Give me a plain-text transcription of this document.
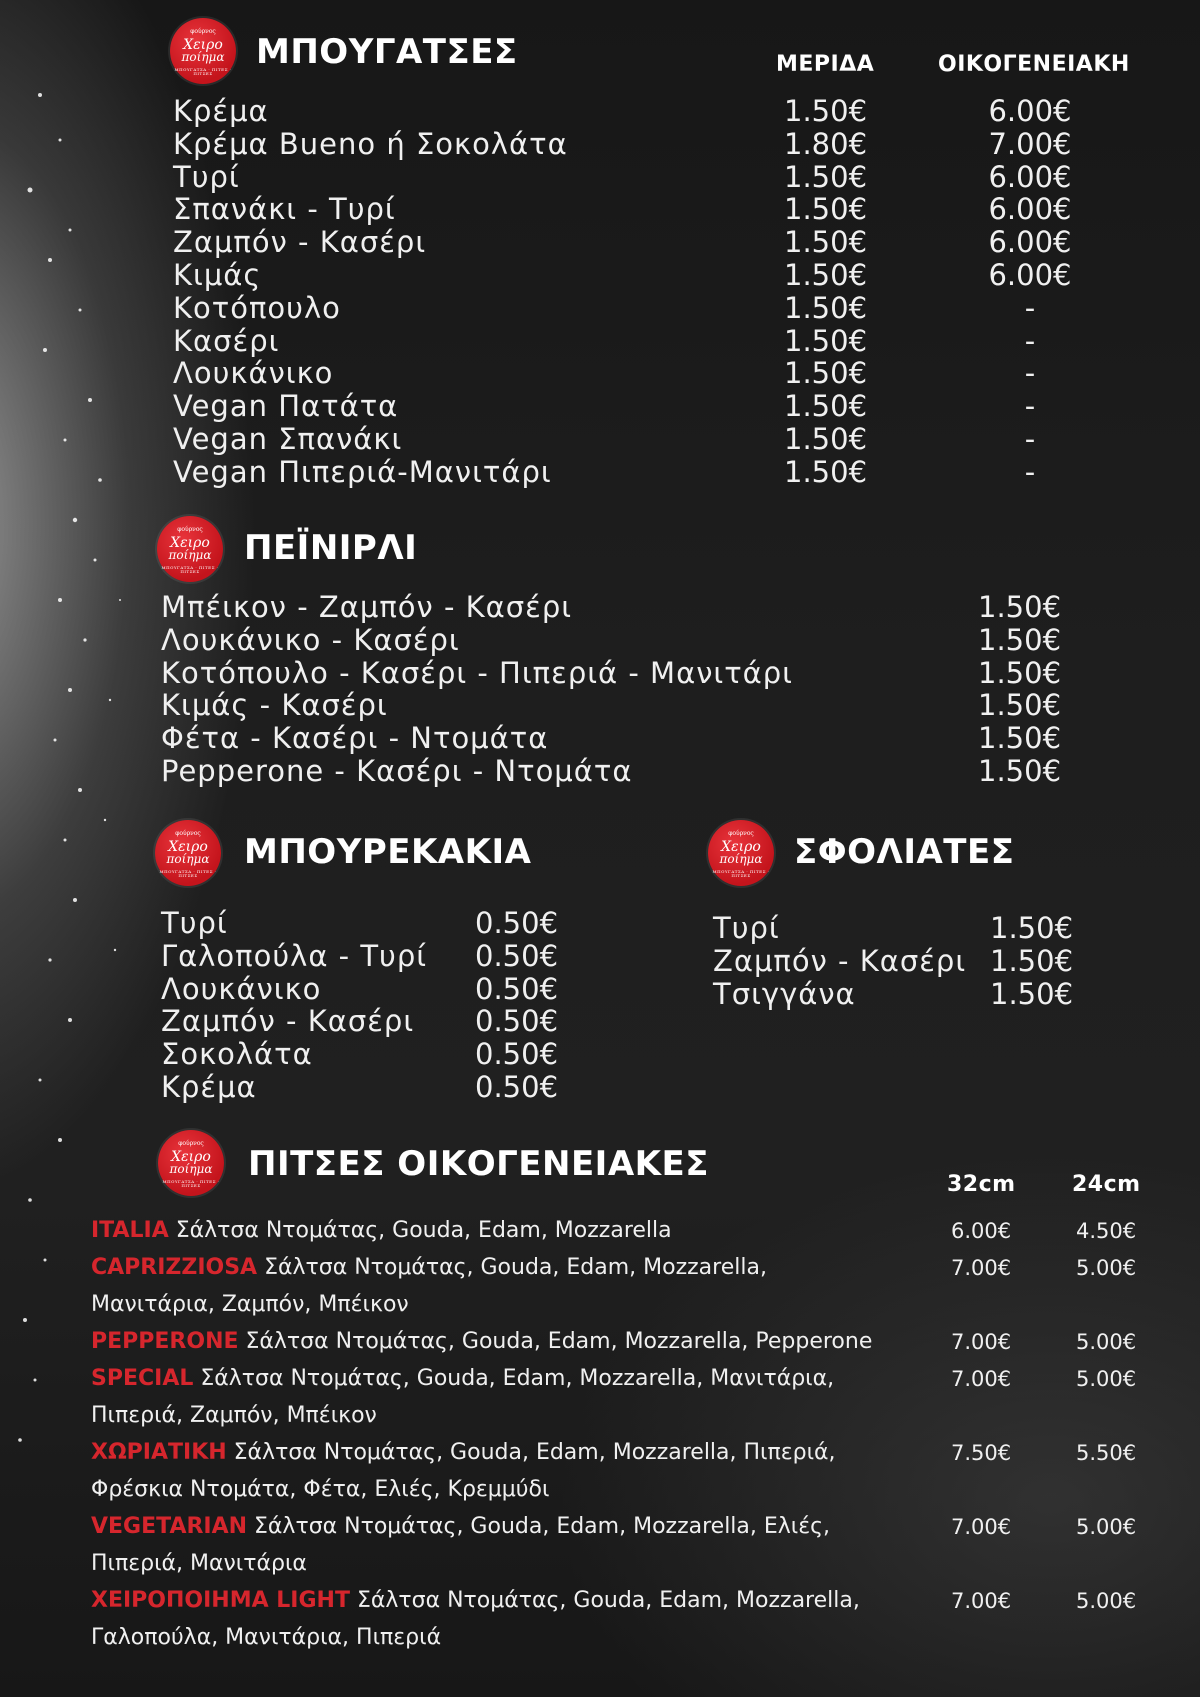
φούρνος
Χειρο
ποίημα
ΜΠΟΥΓΑΤΣΑ · ΠΙΤΕΣ · ΠΙΤΣΕΣ
ΜΠΟΥΓΑΤΣΕΣ	ΜΕΡΙΔΑ	ΟΙΚΟΓΕΝΕΙΑΚΗ
Κρέμα	1.50€	6.00€
Κρέμα Bueno ή Σοκολάτα	1.80€	7.00€
Τυρί	1.50€	6.00€
Σπανάκι - Τυρί	1.50€	6.00€
Ζαμπόν - Κασέρι	1.50€	6.00€
Κιμάς	1.50€	6.00€
Κοτόπουλο	1.50€	-
Κασέρι	1.50€	-
Λουκάνικο	1.50€	-
Vegan Πατάτα	1.50€	-
Vegan Σπανάκι	1.50€	-
Vegan Πιπεριά-Μανιτάρι	1.50€	-
φούρνος
Χειρο
ποίημα
ΜΠΟΥΓΑΤΣΑ · ΠΙΤΕΣ · ΠΙΤΣΕΣ
ΠΕΪΝΙΡΛΙ
Μπέικον - Ζαμπόν - Κασέρι	1.50€
Λουκάνικο - Κασέρι	1.50€
Κοτόπουλο - Κασέρι - Πιπεριά - Μανιτάρι	1.50€
Κιμάς - Κασέρι	1.50€
Φέτα - Κασέρι - Ντομάτα	1.50€
Pepperone - Κασέρι - Ντομάτα	1.50€
φούρνος
Χειρο
ποίημα
ΜΠΟΥΓΑΤΣΑ · ΠΙΤΕΣ · ΠΙΤΣΕΣ
ΜΠΟΥΡΕΚΑΚΙΑ
Τυρί	0.50€
Γαλοπούλα - Τυρί 0.50€
Λουκάνικο	0.50€
Ζαμπόν - Κασέρι 0.50€
Σοκολάτα	0.50€
Κρέμα	0.50€
φούρνος
Χειρο
ποίημα
ΜΠΟΥΓΑΤΣΑ · ΠΙΤΕΣ · ΠΙΤΣΕΣ
ΣΦΟΛΙΑΤΕΣ
Τυρί	1.50€
Ζαμπόν - Κασέρι 1.50€
Τσιγγάνα	1.50€
φούρνος
Χειρο
ποίημα
ΜΠΟΥΓΑΤΣΑ · ΠΙΤΕΣ · ΠΙΤΣΕΣ
ΠΙΤΣΕΣ ΟΙΚΟΓΕΝΕΙΑΚΕΣ
32cm	24cm
ITALIA Σάλτσα Ντομάτας, Gouda, Edam, Mozzarella	6.00€	4.50€
CAPRIZZIOSA Σάλτσα Ντομάτας, Gouda, Edam, Mozzarella,
Μανιτάρια, Ζαμπόν, Μπέικον
7.00€	5.00€
PEPPERONE Σάλτσα Ντομάτας, Gouda, Edam, Mozzarella, Pepperone	7.00€	5.00€
SPECIAL Σάλτσα Ντομάτας, Gouda, Edam, Mozzarella, Μανιτάρια,
Πιπεριά, Ζαμπόν, Μπέικον
7.00€	5.00€
ΧΩΡΙΑΤΙΚΗ Σάλτσα Ντομάτας, Gouda, Edam, Mozzarella, Πιπεριά,
Φρέσκια Ντομάτα, Φέτα, Ελιές, Κρεμμύδι
7.50€	5.50€
VEGETARIAN Σάλτσα Ντομάτας, Gouda, Edam, Mozzarella, Ελιές,
Πιπεριά, Μανιτάρια
7.00€	5.00€
ΧΕΙΡΟΠΟΙΗΜΑ LIGHT Σάλτσα Ντομάτας, Gouda, Edam, Mozzarella,
Γαλοπούλα, Μανιτάρια, Πιπεριά
7.00€	5.00€
